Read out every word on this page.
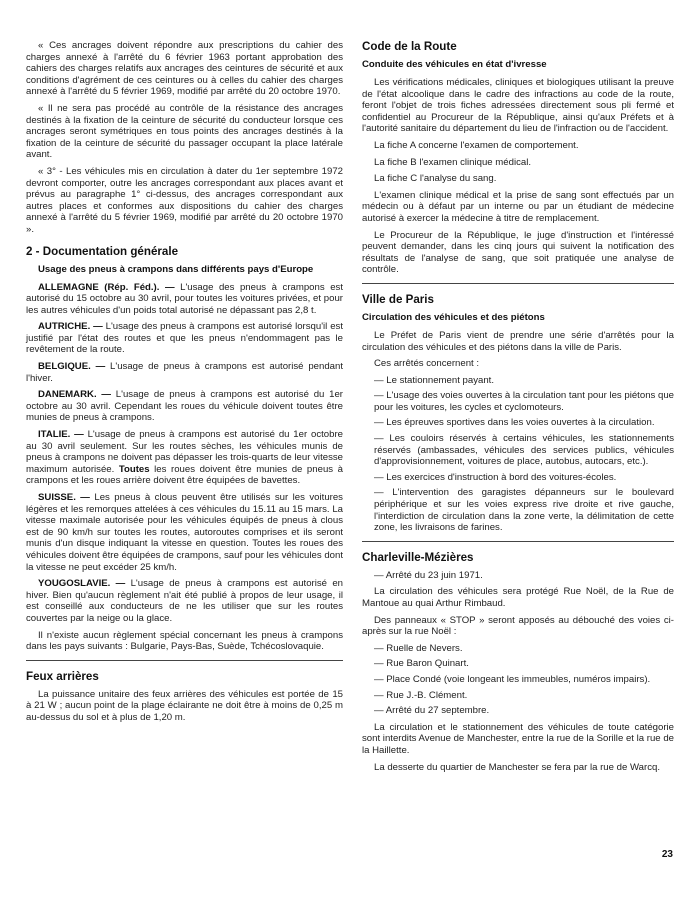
« Ces ancrages doivent répondre aux prescriptions du cahier des charges annexé à l'arrêté du 6 février 1963 portant approbation des cahiers des charges relatifs aux ancrages des ceintures de sécurité et aux conditions d'agrément de ces ceintures ou à celles du cahier des charges annexé à l'arrêté du 5 février 1969, modifié par arrêté du 20 octobre 1970.

« Il ne sera pas procédé au contrôle de la résistance des ancrages destinés à la fixation de la ceinture de sécurité du conducteur lorsque ces ancrages seront symétriques en tous points des ancrages destinés à la fixation de la ceinture de sécurité du passager occupant la place latérale avant.

« 3° - Les véhicules mis en circulation à dater du 1er septembre 1972 devront comporter, outre les ancrages correspondant aux places avant et prévus au paragraphe 1° ci-dessus, des ancrages correspondant aux autres places et conformes aux dispositions du cahier des charges annexé à l'arrêté du 5 février 1969, modifié par arrêté du 20 octobre 1970 ».

2 - Documentation générale
Usage des pneus à crampons dans différents pays d'Europe

ALLEMAGNE (Rép. Féd.). — L'usage des pneus à crampons est autorisé du 15 octobre au 30 avril, pour toutes les voitures privées, et pour les autres véhicules d'un poids total autorisé ne dépassant pas 2,8 t.

AUTRICHE. — L'usage des pneus à crampons est autorisé lorsqu'il est justifié par l'état des routes et que les pneus n'endommagent pas le revêtement de la route.

BELGIQUE. — L'usage de pneus à crampons est autorisé pendant l'hiver.

DANEMARK. — L'usage de pneus à crampons est autorisé du 1er octobre au 30 avril. Cependant les roues du véhicule doivent toutes être munies de pneus à crampons.

ITALIE. — L'usage de pneus à crampons est autorisé du 1er octobre au 30 avril seulement. Sur les routes sèches, les véhicules munis de pneus à crampons ne doivent pas dépasser les trois-quarts de leur vitesse maximum autorisée. Toutes les roues doivent être munies de pneus à crampons et les roues arrière doivent être équipées de bavettes.

SUISSE. — Les pneus à clous peuvent être utilisés sur les voitures légères et les remorques attelées à ces véhicules du 15.11 au 15 mars. La vitesse maximale autorisée pour les véhicules équipés de pneus à clous est de 90 km/h sur toutes les routes, autoroutes comprises et ils seront munis d'un disque indiquant la vitesse en question. Toutes les roues des véhicules doivent être équipées de crampons, sauf pour les véhicules dont la vitesse ne peut excéder 25 km/h.

YOUGOSLAVIE. — L'usage de pneus à crampons est autorisé en hiver. Bien qu'aucun règlement n'ait été publié à propos de leur usage, il est conseillé aux conducteurs de ne les utiliser que sur les routes couvertes par la neige ou la glace.

Il n'existe aucun règlement spécial concernant les pneus à crampons dans les pays suivants : Bulgarie, Pays-Bas, Suède, Tchécoslovaquie.

Feux arrières

La puissance unitaire des feux arrières des véhicules est portée de 15 à 21 W ; aucun point de la plage éclairante ne doit être à moins de 0,25 m au-dessus du sol et à plus de 1,20 m.

Code de la Route
Conduite des véhicules en état d'ivresse

Les vérifications médicales, cliniques et biologiques utilisant la preuve de l'état alcoolique dans le cadre des infractions au code de la route, feront l'objet de trois fiches adressées directement sous pli fermé et confidentiel au Procureur de la République, ainsi qu'aux Préfets et à l'autorité sanitaire du département du lieu de l'infraction ou de l'accident.

La fiche A concerne l'examen de comportement.

La fiche B l'examen clinique médical.

La fiche C l'analyse du sang.

L'examen clinique médical et la prise de sang sont effectués par un médecin ou à défaut par un interne ou par un étudiant de médecine autorisé à exercer la médecine à titre de remplacement.

Le Procureur de la République, le juge d'instruction et l'intéressé peuvent demander, dans les cinq jours qui suivent la notification des résultats de l'analyse de sang, que soit pratiquée une analyse de contrôle.

Ville de Paris
Circulation des véhicules et des piétons

Le Préfet de Paris vient de prendre une série d'arrêtés pour la circulation des véhicules et des piétons dans la ville de Paris.

Ces arrêtés concernent :

— Le stationnement payant.
— L'usage des voies ouvertes à la circulation tant pour les piétons que pour les voitures, les cycles et cyclomoteurs.
— Les épreuves sportives dans les voies ouvertes à la circulation.
— Les couloirs réservés à certains véhicules, les stationnements réservés (ambassades, véhicules des services publics, véhicules d'approvisionnement, voitures de place, autobus, autocars, etc.).
— Les exercices d'instruction à bord des voitures-écoles.
— L'intervention des garagistes dépanneurs sur le boulevard périphérique et sur les voies express rive droite et rive gauche, l'interdiction de circulation dans la zone verte, la délimitation de cette zone, les livraisons de farines.
Charleville-Mézières

— Arrêté du 23 juin 1971.

La circulation des véhicules sera protégé Rue Noël, de la Rue de Mantoue au quai Arthur Rimbaud.

Des panneaux « STOP » seront apposés au débouché des voies ci-après sur la rue Noël :

— Ruelle de Nevers.
— Rue Baron Quinart.
— Place Condé (voie longeant les immeubles, numéros impairs).
— Rue J.-B. Clément.
— Arrêté du 27 septembre.

La circulation et le stationnement des véhicules de toute catégorie sont interdits Avenue de Manchester, entre la rue de la Sorille et la rue de la Haillette.

La desserte du quartier de Manchester se fera par la rue de Warcq.

23
